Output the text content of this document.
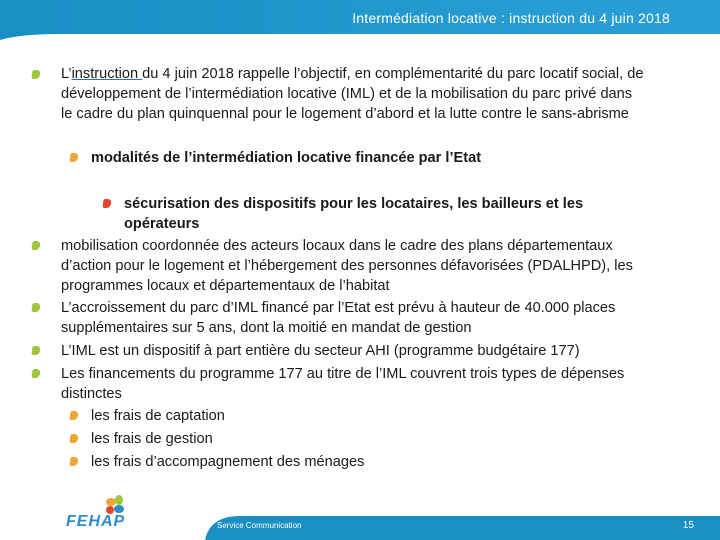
Intermédiation locative : instruction du 4 juin 2018
L’instruction du 4 juin 2018 rappelle l’objectif, en complémentarité du parc locatif social, de
développement de l’intermédiation locative (IML) et de la mobilisation du parc privé dans
le cadre du plan quinquennal pour le logement d’abord et la lutte contre le sans-abrisme
modalités de l’intermédiation locative financée par l’Etat
sécurisation des dispositifs pour les locataires, les bailleurs et les
opérateurs
mobilisation coordonnée des acteurs locaux dans le cadre des plans départementaux
d’action pour le logement et l’hébergement des personnes défavorisées (PDALHPD), les
programmes locaux et départementaux de l’habitat
L’accroissement du parc d’IML financé par l’Etat est prévu à hauteur de 40.000 places
supplémentaires sur 5 ans, dont la moitié en mandat de gestion
L’IML est un dispositif à part entière du secteur AHI (programme budgétaire 177)
Les financements du programme 177 au titre de l’IML couvrent trois types de dépenses
distinctes
les frais de captation
les frais de gestion
les frais d’accompagnement des ménages
FEHAP	Service Communication	15
